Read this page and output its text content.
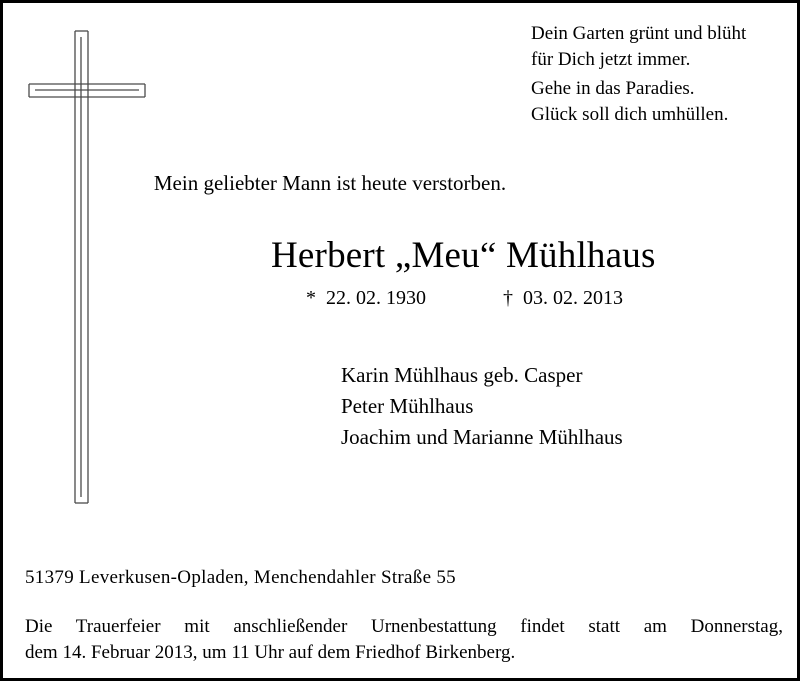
Dein Garten grünt und blüht
für Dich jetzt immer.
Gehe in das Paradies.
Glück soll dich umhüllen.
Mein geliebter Mann ist heute verstorben.
Herbert „Meu“ Mühlhaus
* 22. 02. 1930	† 03. 02. 2013
Karin Mühlhaus geb. Casper
Peter Mühlhaus
Joachim und Marianne Mühlhaus
51379 Leverkusen-Opladen, Menchendahler Straße 55
Die Trauerfeier mit anschließender Urnenbestattung findet statt am Donnerstag,
dem 14. Februar 2013, um 11 Uhr auf dem Friedhof Birkenberg.
